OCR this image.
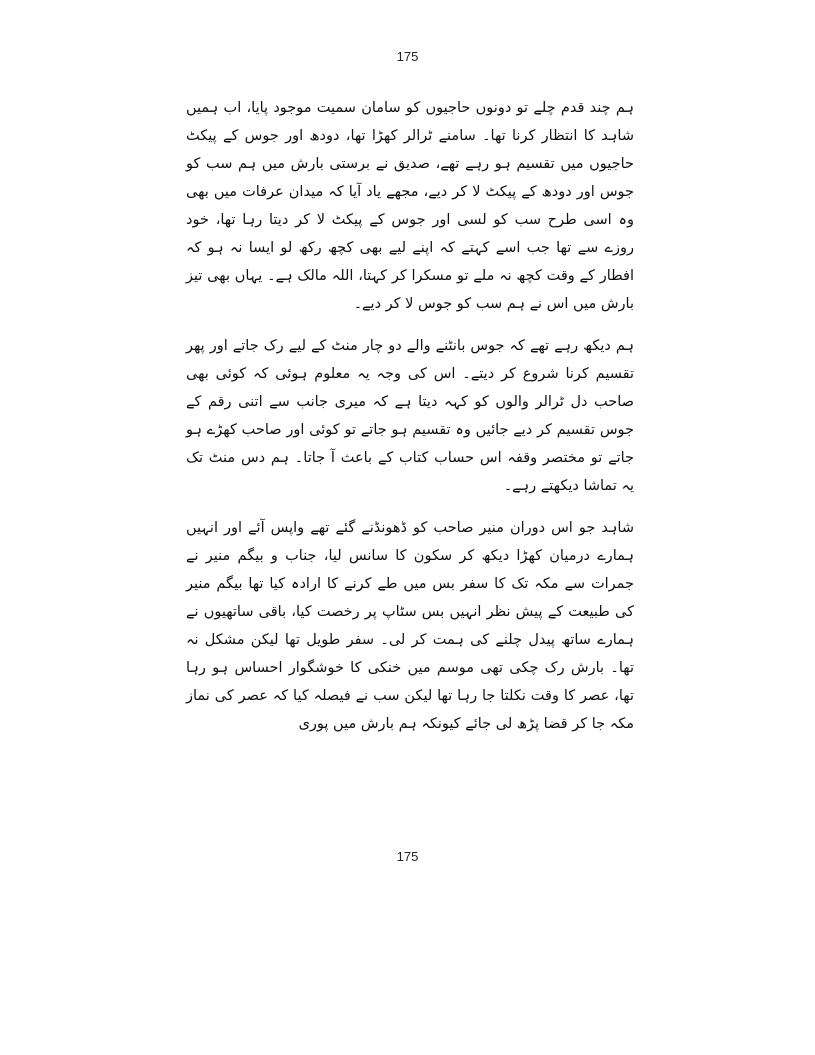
175

ہم چند قدم چلے تو دونوں حاجیوں کو سامان سمیت موجود پایا، اب ہمیں شاہد کا انتظار کرنا تھا۔ سامنے ٹرالر کھڑا تھا، دودھ اور جوس کے پیکٹ حاجیوں میں تقسیم ہو رہے تھے، صدیق نے برستی بارش میں ہم سب کو جوس اور دودھ کے پیکٹ لا کر دیے، مجھے یاد آیا کہ میدان عرفات میں بھی وہ اسی طرح سب کو لسی اور جوس کے پیکٹ لا کر دیتا رہا تھا، خود روزے سے تھا جب اسے کہتے کہ اپنے لیے بھی کچھ رکھ لو ایسا نہ ہو کہ افطار کے وقت کچھ نہ ملے تو مسکرا کر کہتا، اللہ مالک ہے۔ یہاں بھی تیز بارش میں اس نے ہم سب کو جوس لا کر دیے۔

ہم دیکھ رہے تھے کہ جوس بانٹنے والے دو چار منٹ کے لیے رک جاتے اور پھر تقسیم کرنا شروع کر دیتے۔ اس کی وجہ یہ معلوم ہوئی کہ کوئی بھی صاحب دل ٹرالر والوں کو کہہ دیتا ہے کہ میری جانب سے اتنی رقم کے جوس تقسیم کر دیے جائیں وہ تقسیم ہو جاتے تو کوئی اور صاحب کھڑے ہو جاتے تو مختصر وقفہ اس حساب کتاب کے باعث آ جاتا۔ ہم دس منٹ تک یہ تماشا دیکھتے رہے۔

شاہد جو اس دوران منیر صاحب کو ڈھونڈنے گئے تھے واپس آئے اور انہیں ہمارے درمیان کھڑا دیکھ کر سکون کا سانس لیا، جناب و بیگم منیر نے جمرات سے مکہ تک کا سفر بس میں طے کرنے کا ارادہ کیا تھا بیگم منیر کی طبیعت کے پیش نظر انہیں بس سٹاپ پر رخصت کیا، باقی ساتھیوں نے ہمارے ساتھ پیدل چلنے کی ہمت کر لی۔ سفر طویل تھا لیکن مشکل نہ تھا۔ بارش رک چکی تھی موسم میں خنکی کا خوشگوار احساس ہو رہا تھا، عصر کا وقت نکلتا جا رہا تھا لیکن سب نے فیصلہ کیا کہ عصر کی نماز مکہ جا کر قضا پڑھ لی جائے کیونکہ ہم بارش میں پوری

175
